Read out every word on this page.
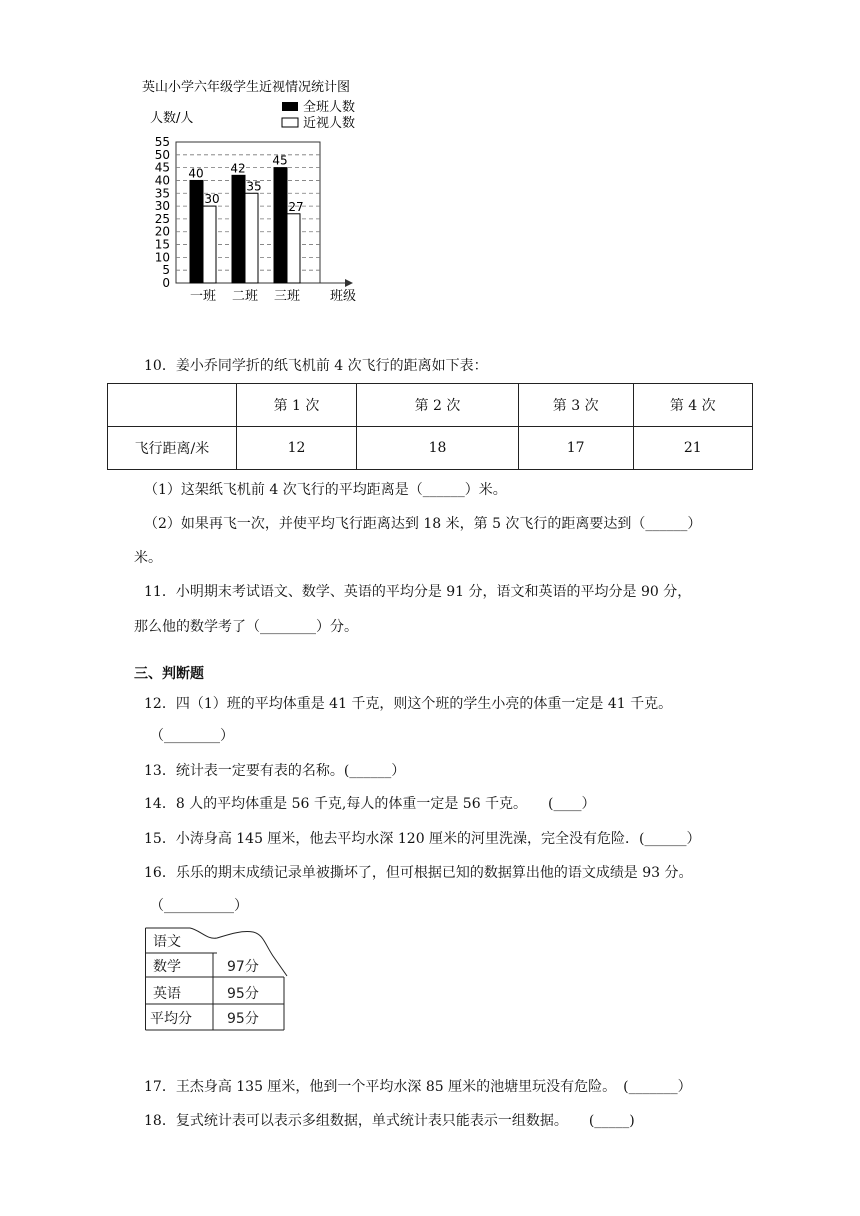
英山小学六年级学生近视情况统计图
人数/人
全班人数
近视人数
0
5
10
15
20
25
30
35
40
45
50
55
班级
40
30
一班
42
35
二班
45
27
三班
10．姜小乔同学折的纸飞机前 4 次飞行的距离如下表：
	第 1 次	第 2 次	第 3 次	第 4 次
飞行距离/米	12	18	17	21
（1）这架纸飞机前 4 次飞行的平均距离是（______）米。
（2）如果再飞一次，并使平均飞行距离达到 18 米，第 5 次飞行的距离要达到（______）
米。
11．小明期末考试语文、数学、英语的平均分是 91 分，语文和英语的平均分是 90 分，
那么他的数学考了（________）分。
三、判断题
12．四（1）班的平均体重是 41 千克，则这个班的学生小亮的体重一定是 41 千克。
（________）
13．统计表一定要有表的名称。(______）
14．8 人的平均体重是 56 千克,每人的体重一定是 56 千克。　　(____）
15．小涛身高 145 厘米，他去平均水深 120 厘米的河里洗澡，完全没有危险．(______）
16．乐乐的期末成绩记录单被撕坏了，但可根据已知的数据算出他的语文成绩是 93 分。
（__________）
语文
数学	97分
英语	95分
平均分	95分
17．王杰身高 135 厘米，他到一个平均水深 85 厘米的池塘里玩没有危险。　(_______）
18．复式统计表可以表示多组数据，单式统计表只能表示一组数据。　　(_____)
